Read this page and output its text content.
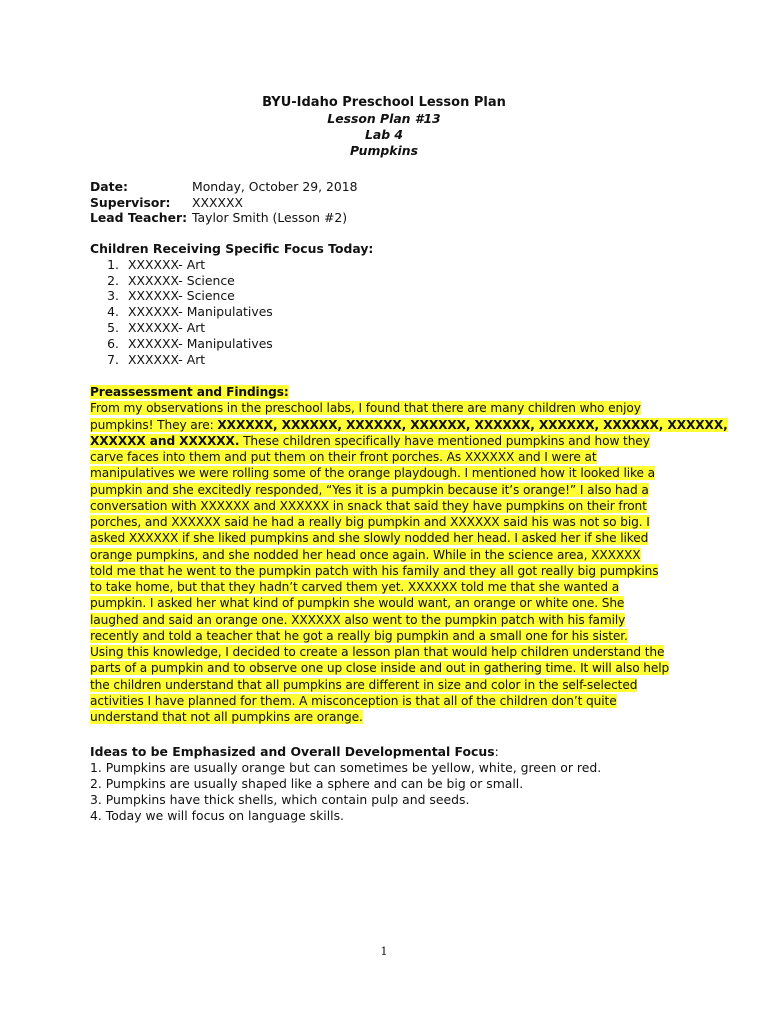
BYU-Idaho Preschool Lesson Plan
Lesson Plan #13
Lab 4
Pumpkins
Date:	Monday, October 29, 2018
Supervisor: XXXXXX
Lead Teacher: Taylor Smith (Lesson #2)
Children Receiving Specific Focus Today:
1. XXXXXX- Art
2. XXXXXX- Science
3. XXXXXX- Science
4. XXXXXX- Manipulatives
5. XXXXXX- Art
6. XXXXXX- Manipulatives
7. XXXXXX- Art
Preassessment and Findings:
From my observations in the preschool labs, I found that there are many children who enjoy
pumpkins! They are: XXXXXX, XXXXXX, XXXXXX, XXXXXX, XXXXXX, XXXXXX, XXXXXX, XXXXXX,
XXXXXX and XXXXXX. These children specifically have mentioned pumpkins and how they
carve faces into them and put them on their front porches. As XXXXXX and I were at
manipulatives we were rolling some of the orange playdough. I mentioned how it looked like a
pumpkin and she excitedly responded, “Yes it is a pumpkin because it’s orange!” I also had a
conversation with XXXXXX and XXXXXX in snack that said they have pumpkins on their front
porches, and XXXXXX said he had a really big pumpkin and XXXXXX said his was not so big. I
asked XXXXXX if she liked pumpkins and she slowly nodded her head. I asked her if she liked
orange pumpkins, and she nodded her head once again. While in the science area, XXXXXX
told me that he went to the pumpkin patch with his family and they all got really big pumpkins
to take home, but that they hadn’t carved them yet. XXXXXX told me that she wanted a
pumpkin. I asked her what kind of pumpkin she would want, an orange or white one. She
laughed and said an orange one. XXXXXX also went to the pumpkin patch with his family
recently and told a teacher that he got a really big pumpkin and a small one for his sister.
Using this knowledge, I decided to create a lesson plan that would help children understand the
parts of a pumpkin and to observe one up close inside and out in gathering time. It will also help
the children understand that all pumpkins are different in size and color in the self-selected
activities I have planned for them. A misconception is that all of the children don’t quite
understand that not all pumpkins are orange.
Ideas to be Emphasized and Overall Developmental Focus:
1. Pumpkins are usually orange but can sometimes be yellow, white, green or red.
2. Pumpkins are usually shaped like a sphere and can be big or small.
3. Pumpkins have thick shells, which contain pulp and seeds.
4. Today we will focus on language skills.
1
